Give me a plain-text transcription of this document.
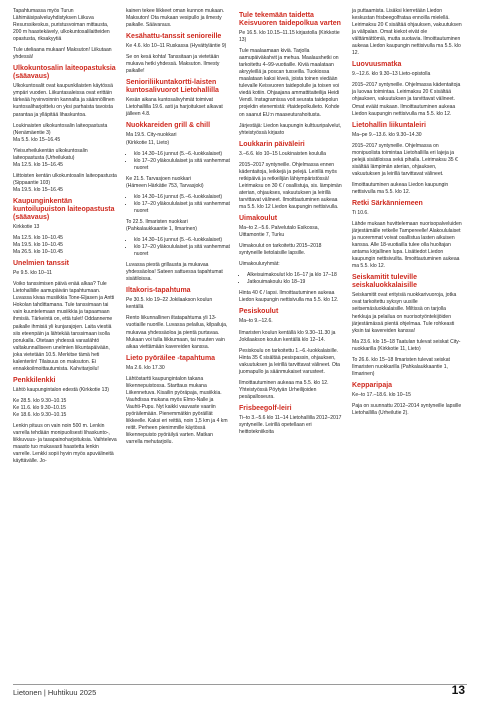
Tapahtumassa myös Turun Lähimäisipalveluyhdistyksen Liikuva Resurssikeskus, puristusvoiman mittausta, 200 m haastekävely, ulkokuntosalilaitteiden opastusta, riksakyytiä

Tule uteliaana mukaan! Maksuton! Liikutaan yhdessä!

Ulkokuntosalin laiteopastuksia (sääavaus)

Ulkokuntosalit ovat kaupunkilaisten käytössä ympäri vuoden. Liikuntasaleissa ovat erittäin tärkeää hyvinvoinnin kannalta ja säännöllinen kuntosaliharjoittelu on yksi parhaista tavoista parantaa ja ylläpitää lihaskuntoa.

Loukinaisten ulkokuntosalin laiteopastusta (Nenämäentie 3)
Ma 5.5. klo 15–16.45

Yleisurheilukentän ulkokuntosalin laiteopastusta (Urheilukatu)
Ma 12.5. klo 15–16.45

Liittoisten kentän ulkokuntosalin laiteopastusta (Sippaantie 103)
Ma 19.5. klo 15–16.45

Kaupunginkentän kuntoilupuiston laiteopastusta (sääavaus)

Kirkkotie 13

Ma 12.5. klo 10–10.45
Ma 19.5. klo 10–10.45
Ma 26.5. klo 10–10.45

Unelmien tanssit

Pe 9.5. klo 10–11

Voiko tanssimisen päivä enää alkaa? Tule Lietohalliille aamupäivän tapahtumaan. Luvassa kivaa musiikkia Tone-Eljasen ja Antti Hokolan tahdittamana. Tule tanssimaan tai vain kuuntelemaan musiikkia ja tapaamaan ihmisiä. Tärkeintä on, että tulet! Oddanneme paikalle ihmisiä yli kunjarajojen. Laita viestiä siis eteenpäin ja lähtekää tanssimaan isolla porukalla. Otetaan yhdessä varaslähtö valtakunnalliseen unelmien liikuntapäivään, joka vietetään 10.5. Merkitse tämä heti kalenteriin! Tilaisuus on maksuton. Ei ennakkoilmoittautumista. Kahvitarjoilu!

Penkkilenkki

Lähtö kaupungintalon edestä (Kirkkotie 13)

Ke 28.5. klo 9.30–10.15
Ke 11.6. klo 9.30–10.15
Ke 18.6. klo 9.30–10.15

Lenkin pituus on vain noin 500 m. Lenkin varrella tehdään monipuolisesti lihaskunto-, liikkuvuus- ja tasapainoharjoituksia. Vaihteleva maasto tuo mukavasti haastetta lenkin varrelle. Lenkki sopii hyvin myös apuvälineitä käyttävälle. Jo-

kainen tekee liikkeet oman kunnon mukaan. Maksuton! Ota mukaan vesipullo ja ilmesty paikalle. Säävaraus.

Kesähattu-tanssit senioreille

Ke 4.6. klo 10–11 Ruskassa (Hyvättyläntie 9)

Se on kesä kohta! Tanssitaan ja vietetään mukava hetki yhdessä. Maksuton. Ilmesty paikalle!

Senioriliikuntakortti-laisten kuntosalivuorot Lietohallilla

Kesän aikana kuntosalivyhmät toimivat Lietohallilla 19.6. asti ja harjoitukset alkavat jälleen 4.8.

Nuokkareiden grill & chill

Ma 19.5. City-nuokkari
(Kirkkotie 11, Lieto)

• klo 14.30–16 junnut (5.–6.-luokkalaiset)
• klo 17–20 yläkoululaiset ja sitä vanhemmat nuoret

Ke 21.5. Tarvasjoen nuokkari
(Hämeen Härkätie 753, Tarvasjoki)

• klo 14.30–16 junnut (5.–6.-luokkalaiset)
• klo 17–20 yläkoululaiset ja sitä vanhemmat nuoret

To 22.5. Ilmaristen nuokkari
(Pahkalaukkaantie 1, Ilmarinen)

• klo 14.30–16 junnut (5.–6.-luokkalaiset)
• klo 17–20 yläkoululaiset ja sitä vanhemmat nuoret

Luvassa piestä grillausta ja mukavaa yhdessäoloa! Sateen sattuessa tapahtumat sisätiloissa.

Iltakoris-tapahtuma

Pe 30.5. klo 19–22 Jokilaakson koulun kentällä

Rento liikunnallinen iltatapahtuma yli 13-vuotiaille nuorille. Luvassa pelailua, kilpailuja, mukavaa yhdessäoloa ja pientä purtavaa. Mukaan voi tulla liikkumaan, tai muuten vain aikaa viettämään kavereiden kanssa.

Lieto pyöräilee -tapahtuma

Ma 2.6. klo 17.30

Lähtöstartti kaupungintalon takana liikennepuistossa. Starttaus mukana Liikennetuva. Kisailin pyöräpaja, musiikkia. Vauhdissa mukana myös Elmo-Nalle ja Vauhti-Pupu. Nyt kaikki vauvaste vaariin pyöräilemään. Pienemmätkin pyöräillät liikkeelle. Kaksi eri reittiä, noin 1,5 km ja 4 km reitit. Perheen pienimmille käytössä liikennepuisto pyöräilyä varten. Matkan varrella mehutarjoilu.

Tule tekemään taidetta Keisvuoren taidepolkua varten

Pe 16.5. klo 10.15–11.15 kirjastolla (Kirkkotie 13)

Tule maalaamaan kiviä. Tarjolla aamupäiväkahvit ja mehua. Maalaushetki on tarkoitettu 4–99-vuotiaille. Kiviä maalataan akryyleillä ja poscan tusseilla. Tuokiossa maalataan kaksi kiveä, joista toinen viedään tulevalle Keisvuoren taidepolulle ja toisen voi viedä kotiin. Ohjaajana ammattitaiteilija Heidi Vendi. Instagramissa voit seurata taidepolun projektin etenemistä: #taidepolkulieto. Kohde on saanut EU:n maaseuturahoitusta.

Järjestäjä: Liedon kaupungin kulttuuripalvelut, yhteistyössä kirjasto

Loukkarin päiväleiri

3.–6.6. klo 10–15 Loukinaisten koululla

2015–2017 syntyneille. Ohjelmassa ennen kädentaitoja, leikkejä ja pelejä. Leirillä myös retkipäivä ja retkeilijän lähiympäristössä! Leirimaksu on 30 € / osallistuja, sis. lämpimän aterian, ohjaukses, vakuutuksen ja leirillä tarvittavat välineet. Ilmoittautuminen aukeaa ma 5.5. klo 12 Liedon kaupungin nettisivulla.

Uimakoulut

Ma–to 2.–5.6. Palvelutalo Esikossa, Uittamontie 7, Turku

Uimakoulut on tarkoitettu 2015–2018 syntyneille lietolaisille lapsille.

Uimakouluryhmät:

• Alkeisuimakoulut klo 16–17 ja klo 17–18
• Jatkouimakoulu klo 18–19

Hinta 40 € / lapsi. Ilmoittautuminen aukeaa Liedon kaupungin nettisivulla ma 5.5. klo 12.

Pesiskoulut

Ma–to 9.–12.6.

Ilmaristen koulun kentällä klo 9.30–11.30 ja Jokilaakson koulun kentällä klo 12–14.

Pesiskoulu on tarkoitettu 1.–6.-luokkalaisille. Hinta 35 € sisältää pesispassin, ohjauksen, vakuutuksen ja leirillä tarvittavat välineet. Ota juomapullo ja säänmukaiset varusteet.

Ilmoittautuminen aukeaa ma 5.5. klo 12. Yhteistyössä Pöytyän Urheilijoiden pesäpalloseura.

Frisbeegolf-leiri

Ti–to 3.–5.6 klo 11–14 Lietohallilla 2012–2017 syntyneille. Leirillä opetellaan eri heittotekniikoita

ja puttaamista. Lisäksi kierretään Liedon keskustan frisbeegolfrataa ennoilla mielellä. Leirimaksu 20 € sisältää ohjauksen, vakuutuksen ja välipalan. Omat kiekot eivät ole välttämättömiä, mutta suotavia. Ilmoittautuminen aukeaa Liedon kaupungin nettisivulla ma 5.5. klo 12.

Luovuusmatka

9.–12.6. klo 9.30–13 Lieto-opistolla

2015–2017 syntyneille. Ohjelmassa kädentaitoja ja luovaa toimintaa. Leirimaksu 20 € sisältää ohjauksen, vakuutuksen ja tarvittavat välineet. Omat eväät mukaan. Ilmoittautuminen aukeaa Liedon kaupungin nettisivulla ma 5.5. klo 12.

Lietohallin liikuntaleiri

Ma–pe 9.–13.6. klo 9.30–14.30

2015–2017 syntyneille. Ohjelmassa on monipuolista toimintaa Lietohallilla eri lajeja ja pelejä sisätiloissa sekä pihalla. Leirimaksu 35 € sisältää lämpimän aterian, ohjauksen, vakuutuksen ja leirillä tarvittavat välineet.

Ilmoittautuminen aukeaa Liedon kaupungin nettisivulla ma 5.5. klo 12.

Retki Särkänniemeen

Ti 10.6.

Lähde mukaan huvittelemaan nuorisopalveluiden järjestämälle retkelle Tampereelle! Alakoululaiset ja nuoremmat voivat osallistua lasten aikuisen kanssa. Alle 18-vuotiailla tulee olla huoltajan antama kirjallinen lupa. Lisätiedot Liedon kaupungin nettisivuilta. Ilmoittautuminen aukeaa ma 5.5. klo 12.

Seiskamitit tuleville seiskaluokkalaisille

Seiskamitit ovat erityisiä nuokkarivuoroja, jotka ovat tarkoitettu syksyn uusille seitsemäsluokkalaisille. Miltissä on tarjolla herkkuja ja pelailua on nuorisotyöntekijöiden järjestämässä pientä ohjelmaa. Tule rohkeasti yksin tai kavereiden kanssa!

Ma 23.6. klo 15–18 Taatulan tulevat seiskat City-nuokkarilla (Kirkkotie 11, Lieto)

To 26.6. klo 15–18 Ilmaristen tulevat seiskat Ilmaristen nuokkarilla (Pahkalaukkaantie 1, Ilmarinen)

Kepparipaja

Ke–to 17.–18.6. klo 10–15

Paja on suunnattu 2012–2014 syntyneille lapsille Lietohallilla (Urheilutie 2).

Lietonen | Huhtikuu 2025	13
